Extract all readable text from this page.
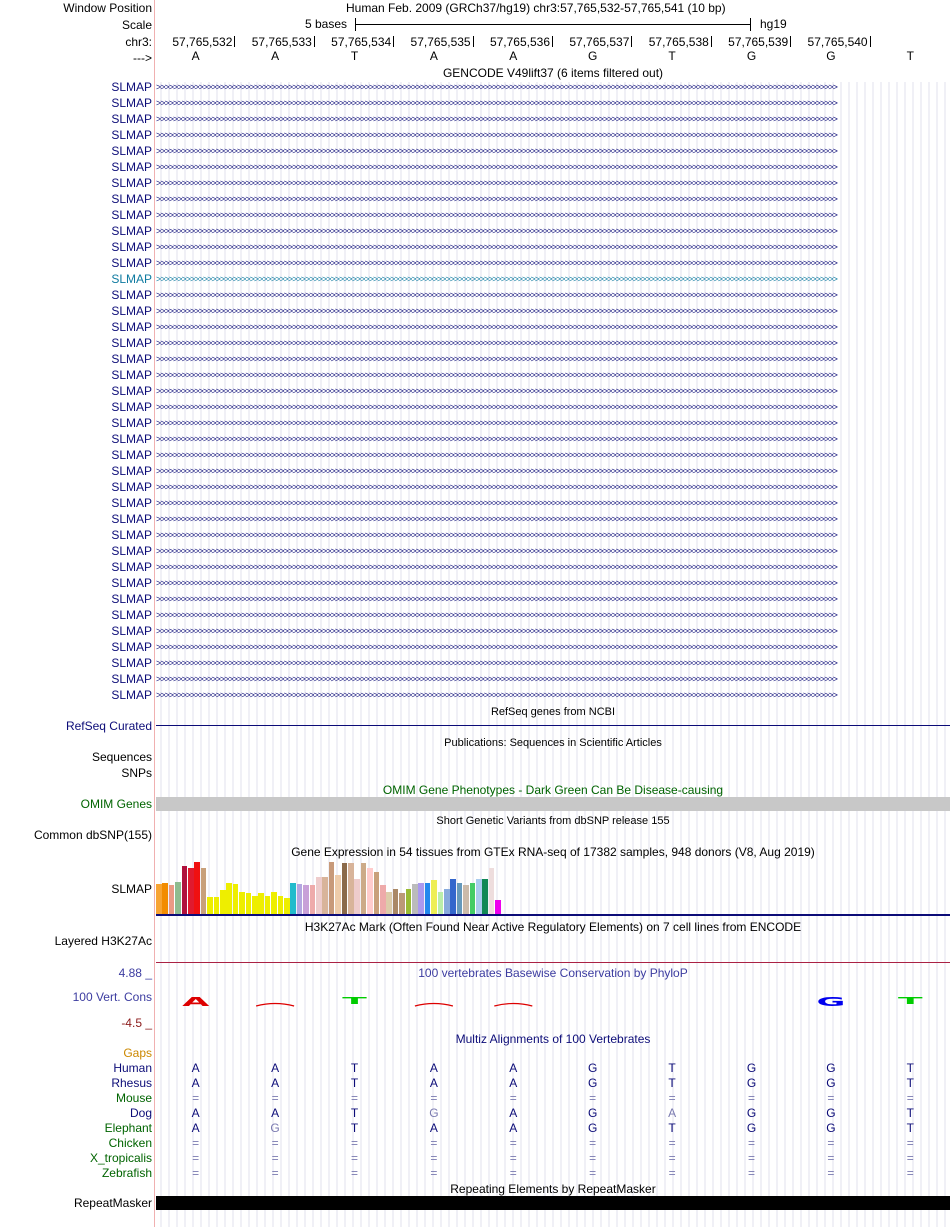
Window Position	Human Feb. 2009 (GRCh37/hg19) chr3:57,765,532-57,765,541 (10 bp)
Scale	5 bases	hg19
chr3: 57,765,532 57,765,533 57,765,534 57,765,535 57,765,536 57,765,537 57,765,538 57,765,539 57,765,540
--->	A	A	T	A	A	G	T	G	G	T
GENCODE V49lift37 (6 items filtered out)
SLMAP >>>>>>>>>>>>>>>>>>>>>>>>>>>>>>>>>>>>>>>>>>>>>>>>>>>>>>>>>>>>>>>>>>>>>>>>>>>>>>>>>>>>>>>>>>>>>>>>>>>>>>>>>>>>>>>>>>>>>>>>>>>>>>>>>>>>>>>>>>>>>>>>>>>>>>>>>>>>>>>>
SLMAP >>>>>>>>>>>>>>>>>>>>>>>>>>>>>>>>>>>>>>>>>>>>>>>>>>>>>>>>>>>>>>>>>>>>>>>>>>>>>>>>>>>>>>>>>>>>>>>>>>>>>>>>>>>>>>>>>>>>>>>>>>>>>>>>>>>>>>>>>>>>>>>>>>>>>>>>>>>>>>>>
SLMAP >>>>>>>>>>>>>>>>>>>>>>>>>>>>>>>>>>>>>>>>>>>>>>>>>>>>>>>>>>>>>>>>>>>>>>>>>>>>>>>>>>>>>>>>>>>>>>>>>>>>>>>>>>>>>>>>>>>>>>>>>>>>>>>>>>>>>>>>>>>>>>>>>>>>>>>>>>>>>>>>
SLMAP >>>>>>>>>>>>>>>>>>>>>>>>>>>>>>>>>>>>>>>>>>>>>>>>>>>>>>>>>>>>>>>>>>>>>>>>>>>>>>>>>>>>>>>>>>>>>>>>>>>>>>>>>>>>>>>>>>>>>>>>>>>>>>>>>>>>>>>>>>>>>>>>>>>>>>>>>>>>>>>>
SLMAP >>>>>>>>>>>>>>>>>>>>>>>>>>>>>>>>>>>>>>>>>>>>>>>>>>>>>>>>>>>>>>>>>>>>>>>>>>>>>>>>>>>>>>>>>>>>>>>>>>>>>>>>>>>>>>>>>>>>>>>>>>>>>>>>>>>>>>>>>>>>>>>>>>>>>>>>>>>>>>>>
SLMAP >>>>>>>>>>>>>>>>>>>>>>>>>>>>>>>>>>>>>>>>>>>>>>>>>>>>>>>>>>>>>>>>>>>>>>>>>>>>>>>>>>>>>>>>>>>>>>>>>>>>>>>>>>>>>>>>>>>>>>>>>>>>>>>>>>>>>>>>>>>>>>>>>>>>>>>>>>>>>>>>
SLMAP >>>>>>>>>>>>>>>>>>>>>>>>>>>>>>>>>>>>>>>>>>>>>>>>>>>>>>>>>>>>>>>>>>>>>>>>>>>>>>>>>>>>>>>>>>>>>>>>>>>>>>>>>>>>>>>>>>>>>>>>>>>>>>>>>>>>>>>>>>>>>>>>>>>>>>>>>>>>>>>>
SLMAP >>>>>>>>>>>>>>>>>>>>>>>>>>>>>>>>>>>>>>>>>>>>>>>>>>>>>>>>>>>>>>>>>>>>>>>>>>>>>>>>>>>>>>>>>>>>>>>>>>>>>>>>>>>>>>>>>>>>>>>>>>>>>>>>>>>>>>>>>>>>>>>>>>>>>>>>>>>>>>>>
SLMAP >>>>>>>>>>>>>>>>>>>>>>>>>>>>>>>>>>>>>>>>>>>>>>>>>>>>>>>>>>>>>>>>>>>>>>>>>>>>>>>>>>>>>>>>>>>>>>>>>>>>>>>>>>>>>>>>>>>>>>>>>>>>>>>>>>>>>>>>>>>>>>>>>>>>>>>>>>>>>>>>
SLMAP >>>>>>>>>>>>>>>>>>>>>>>>>>>>>>>>>>>>>>>>>>>>>>>>>>>>>>>>>>>>>>>>>>>>>>>>>>>>>>>>>>>>>>>>>>>>>>>>>>>>>>>>>>>>>>>>>>>>>>>>>>>>>>>>>>>>>>>>>>>>>>>>>>>>>>>>>>>>>>>>
SLMAP >>>>>>>>>>>>>>>>>>>>>>>>>>>>>>>>>>>>>>>>>>>>>>>>>>>>>>>>>>>>>>>>>>>>>>>>>>>>>>>>>>>>>>>>>>>>>>>>>>>>>>>>>>>>>>>>>>>>>>>>>>>>>>>>>>>>>>>>>>>>>>>>>>>>>>>>>>>>>>>>
SLMAP >>>>>>>>>>>>>>>>>>>>>>>>>>>>>>>>>>>>>>>>>>>>>>>>>>>>>>>>>>>>>>>>>>>>>>>>>>>>>>>>>>>>>>>>>>>>>>>>>>>>>>>>>>>>>>>>>>>>>>>>>>>>>>>>>>>>>>>>>>>>>>>>>>>>>>>>>>>>>>>>
SLMAP >>>>>>>>>>>>>>>>>>>>>>>>>>>>>>>>>>>>>>>>>>>>>>>>>>>>>>>>>>>>>>>>>>>>>>>>>>>>>>>>>>>>>>>>>>>>>>>>>>>>>>>>>>>>>>>>>>>>>>>>>>>>>>>>>>>>>>>>>>>>>>>>>>>>>>>>>>>>>>>>
SLMAP >>>>>>>>>>>>>>>>>>>>>>>>>>>>>>>>>>>>>>>>>>>>>>>>>>>>>>>>>>>>>>>>>>>>>>>>>>>>>>>>>>>>>>>>>>>>>>>>>>>>>>>>>>>>>>>>>>>>>>>>>>>>>>>>>>>>>>>>>>>>>>>>>>>>>>>>>>>>>>>>
SLMAP >>>>>>>>>>>>>>>>>>>>>>>>>>>>>>>>>>>>>>>>>>>>>>>>>>>>>>>>>>>>>>>>>>>>>>>>>>>>>>>>>>>>>>>>>>>>>>>>>>>>>>>>>>>>>>>>>>>>>>>>>>>>>>>>>>>>>>>>>>>>>>>>>>>>>>>>>>>>>>>>
SLMAP >>>>>>>>>>>>>>>>>>>>>>>>>>>>>>>>>>>>>>>>>>>>>>>>>>>>>>>>>>>>>>>>>>>>>>>>>>>>>>>>>>>>>>>>>>>>>>>>>>>>>>>>>>>>>>>>>>>>>>>>>>>>>>>>>>>>>>>>>>>>>>>>>>>>>>>>>>>>>>>>
SLMAP >>>>>>>>>>>>>>>>>>>>>>>>>>>>>>>>>>>>>>>>>>>>>>>>>>>>>>>>>>>>>>>>>>>>>>>>>>>>>>>>>>>>>>>>>>>>>>>>>>>>>>>>>>>>>>>>>>>>>>>>>>>>>>>>>>>>>>>>>>>>>>>>>>>>>>>>>>>>>>>>
SLMAP >>>>>>>>>>>>>>>>>>>>>>>>>>>>>>>>>>>>>>>>>>>>>>>>>>>>>>>>>>>>>>>>>>>>>>>>>>>>>>>>>>>>>>>>>>>>>>>>>>>>>>>>>>>>>>>>>>>>>>>>>>>>>>>>>>>>>>>>>>>>>>>>>>>>>>>>>>>>>>>>
SLMAP >>>>>>>>>>>>>>>>>>>>>>>>>>>>>>>>>>>>>>>>>>>>>>>>>>>>>>>>>>>>>>>>>>>>>>>>>>>>>>>>>>>>>>>>>>>>>>>>>>>>>>>>>>>>>>>>>>>>>>>>>>>>>>>>>>>>>>>>>>>>>>>>>>>>>>>>>>>>>>>>
SLMAP >>>>>>>>>>>>>>>>>>>>>>>>>>>>>>>>>>>>>>>>>>>>>>>>>>>>>>>>>>>>>>>>>>>>>>>>>>>>>>>>>>>>>>>>>>>>>>>>>>>>>>>>>>>>>>>>>>>>>>>>>>>>>>>>>>>>>>>>>>>>>>>>>>>>>>>>>>>>>>>>
SLMAP >>>>>>>>>>>>>>>>>>>>>>>>>>>>>>>>>>>>>>>>>>>>>>>>>>>>>>>>>>>>>>>>>>>>>>>>>>>>>>>>>>>>>>>>>>>>>>>>>>>>>>>>>>>>>>>>>>>>>>>>>>>>>>>>>>>>>>>>>>>>>>>>>>>>>>>>>>>>>>>>
SLMAP >>>>>>>>>>>>>>>>>>>>>>>>>>>>>>>>>>>>>>>>>>>>>>>>>>>>>>>>>>>>>>>>>>>>>>>>>>>>>>>>>>>>>>>>>>>>>>>>>>>>>>>>>>>>>>>>>>>>>>>>>>>>>>>>>>>>>>>>>>>>>>>>>>>>>>>>>>>>>>>>
SLMAP >>>>>>>>>>>>>>>>>>>>>>>>>>>>>>>>>>>>>>>>>>>>>>>>>>>>>>>>>>>>>>>>>>>>>>>>>>>>>>>>>>>>>>>>>>>>>>>>>>>>>>>>>>>>>>>>>>>>>>>>>>>>>>>>>>>>>>>>>>>>>>>>>>>>>>>>>>>>>>>>
SLMAP >>>>>>>>>>>>>>>>>>>>>>>>>>>>>>>>>>>>>>>>>>>>>>>>>>>>>>>>>>>>>>>>>>>>>>>>>>>>>>>>>>>>>>>>>>>>>>>>>>>>>>>>>>>>>>>>>>>>>>>>>>>>>>>>>>>>>>>>>>>>>>>>>>>>>>>>>>>>>>>>
SLMAP >>>>>>>>>>>>>>>>>>>>>>>>>>>>>>>>>>>>>>>>>>>>>>>>>>>>>>>>>>>>>>>>>>>>>>>>>>>>>>>>>>>>>>>>>>>>>>>>>>>>>>>>>>>>>>>>>>>>>>>>>>>>>>>>>>>>>>>>>>>>>>>>>>>>>>>>>>>>>>>>
SLMAP >>>>>>>>>>>>>>>>>>>>>>>>>>>>>>>>>>>>>>>>>>>>>>>>>>>>>>>>>>>>>>>>>>>>>>>>>>>>>>>>>>>>>>>>>>>>>>>>>>>>>>>>>>>>>>>>>>>>>>>>>>>>>>>>>>>>>>>>>>>>>>>>>>>>>>>>>>>>>>>>
SLMAP >>>>>>>>>>>>>>>>>>>>>>>>>>>>>>>>>>>>>>>>>>>>>>>>>>>>>>>>>>>>>>>>>>>>>>>>>>>>>>>>>>>>>>>>>>>>>>>>>>>>>>>>>>>>>>>>>>>>>>>>>>>>>>>>>>>>>>>>>>>>>>>>>>>>>>>>>>>>>>>>
SLMAP >>>>>>>>>>>>>>>>>>>>>>>>>>>>>>>>>>>>>>>>>>>>>>>>>>>>>>>>>>>>>>>>>>>>>>>>>>>>>>>>>>>>>>>>>>>>>>>>>>>>>>>>>>>>>>>>>>>>>>>>>>>>>>>>>>>>>>>>>>>>>>>>>>>>>>>>>>>>>>>>
SLMAP >>>>>>>>>>>>>>>>>>>>>>>>>>>>>>>>>>>>>>>>>>>>>>>>>>>>>>>>>>>>>>>>>>>>>>>>>>>>>>>>>>>>>>>>>>>>>>>>>>>>>>>>>>>>>>>>>>>>>>>>>>>>>>>>>>>>>>>>>>>>>>>>>>>>>>>>>>>>>>>>
SLMAP >>>>>>>>>>>>>>>>>>>>>>>>>>>>>>>>>>>>>>>>>>>>>>>>>>>>>>>>>>>>>>>>>>>>>>>>>>>>>>>>>>>>>>>>>>>>>>>>>>>>>>>>>>>>>>>>>>>>>>>>>>>>>>>>>>>>>>>>>>>>>>>>>>>>>>>>>>>>>>>>
SLMAP >>>>>>>>>>>>>>>>>>>>>>>>>>>>>>>>>>>>>>>>>>>>>>>>>>>>>>>>>>>>>>>>>>>>>>>>>>>>>>>>>>>>>>>>>>>>>>>>>>>>>>>>>>>>>>>>>>>>>>>>>>>>>>>>>>>>>>>>>>>>>>>>>>>>>>>>>>>>>>>>
SLMAP >>>>>>>>>>>>>>>>>>>>>>>>>>>>>>>>>>>>>>>>>>>>>>>>>>>>>>>>>>>>>>>>>>>>>>>>>>>>>>>>>>>>>>>>>>>>>>>>>>>>>>>>>>>>>>>>>>>>>>>>>>>>>>>>>>>>>>>>>>>>>>>>>>>>>>>>>>>>>>>>
SLMAP >>>>>>>>>>>>>>>>>>>>>>>>>>>>>>>>>>>>>>>>>>>>>>>>>>>>>>>>>>>>>>>>>>>>>>>>>>>>>>>>>>>>>>>>>>>>>>>>>>>>>>>>>>>>>>>>>>>>>>>>>>>>>>>>>>>>>>>>>>>>>>>>>>>>>>>>>>>>>>>>
SLMAP >>>>>>>>>>>>>>>>>>>>>>>>>>>>>>>>>>>>>>>>>>>>>>>>>>>>>>>>>>>>>>>>>>>>>>>>>>>>>>>>>>>>>>>>>>>>>>>>>>>>>>>>>>>>>>>>>>>>>>>>>>>>>>>>>>>>>>>>>>>>>>>>>>>>>>>>>>>>>>>>
SLMAP >>>>>>>>>>>>>>>>>>>>>>>>>>>>>>>>>>>>>>>>>>>>>>>>>>>>>>>>>>>>>>>>>>>>>>>>>>>>>>>>>>>>>>>>>>>>>>>>>>>>>>>>>>>>>>>>>>>>>>>>>>>>>>>>>>>>>>>>>>>>>>>>>>>>>>>>>>>>>>>>
SLMAP >>>>>>>>>>>>>>>>>>>>>>>>>>>>>>>>>>>>>>>>>>>>>>>>>>>>>>>>>>>>>>>>>>>>>>>>>>>>>>>>>>>>>>>>>>>>>>>>>>>>>>>>>>>>>>>>>>>>>>>>>>>>>>>>>>>>>>>>>>>>>>>>>>>>>>>>>>>>>>>>
SLMAP >>>>>>>>>>>>>>>>>>>>>>>>>>>>>>>>>>>>>>>>>>>>>>>>>>>>>>>>>>>>>>>>>>>>>>>>>>>>>>>>>>>>>>>>>>>>>>>>>>>>>>>>>>>>>>>>>>>>>>>>>>>>>>>>>>>>>>>>>>>>>>>>>>>>>>>>>>>>>>>>
SLMAP >>>>>>>>>>>>>>>>>>>>>>>>>>>>>>>>>>>>>>>>>>>>>>>>>>>>>>>>>>>>>>>>>>>>>>>>>>>>>>>>>>>>>>>>>>>>>>>>>>>>>>>>>>>>>>>>>>>>>>>>>>>>>>>>>>>>>>>>>>>>>>>>>>>>>>>>>>>>>>>>
SLMAP >>>>>>>>>>>>>>>>>>>>>>>>>>>>>>>>>>>>>>>>>>>>>>>>>>>>>>>>>>>>>>>>>>>>>>>>>>>>>>>>>>>>>>>>>>>>>>>>>>>>>>>>>>>>>>>>>>>>>>>>>>>>>>>>>>>>>>>>>>>>>>>>>>>>>>>>>>>>>>>>
RefSeq genes from NCBI
RefSeq Curated
Publications: Sequences in Scientific Articles
Sequences
SNPs
OMIM Gene Phenotypes - Dark Green Can Be Disease-causing
OMIM Genes
Short Genetic Variants from dbSNP release 155
Common dbSNP(155)
Gene Expression in 54 tissues from GTEx RNA-seq of 17382 samples, 948 donors (V8, Aug 2019)
SLMAP
H3K27Ac Mark (Often Found Near Active Regulatory Elements) on 7 cell lines from ENCODE
Layered H3K27Ac
100 vertebrates Basewise Conservation by PhyloP
4.88 _
100 Vert. Cons
-4.5 _
A	T	G	T
Multiz Alignments of 100 Vertebrates
Gaps
Human	A	A	T	A	A	G	T	G	G	T
Rhesus	A	A	T	A	A	G	T	G	G	T
Mouse	=	=	=	=	=	=	=	=	=	=
Dog	A	A	T	G	A	G	A	G	G	T
Elephant	A	G	T	A	A	G	T	G	G	T
Chicken	=	=	=	=	=	=	=	=	=	=
X_tropicalis	=	=	=	=	=	=	=	=	=	=
Zebrafish	=	=	=	=	=	=	=	=	=	=
Repeating Elements by RepeatMasker
RepeatMasker
